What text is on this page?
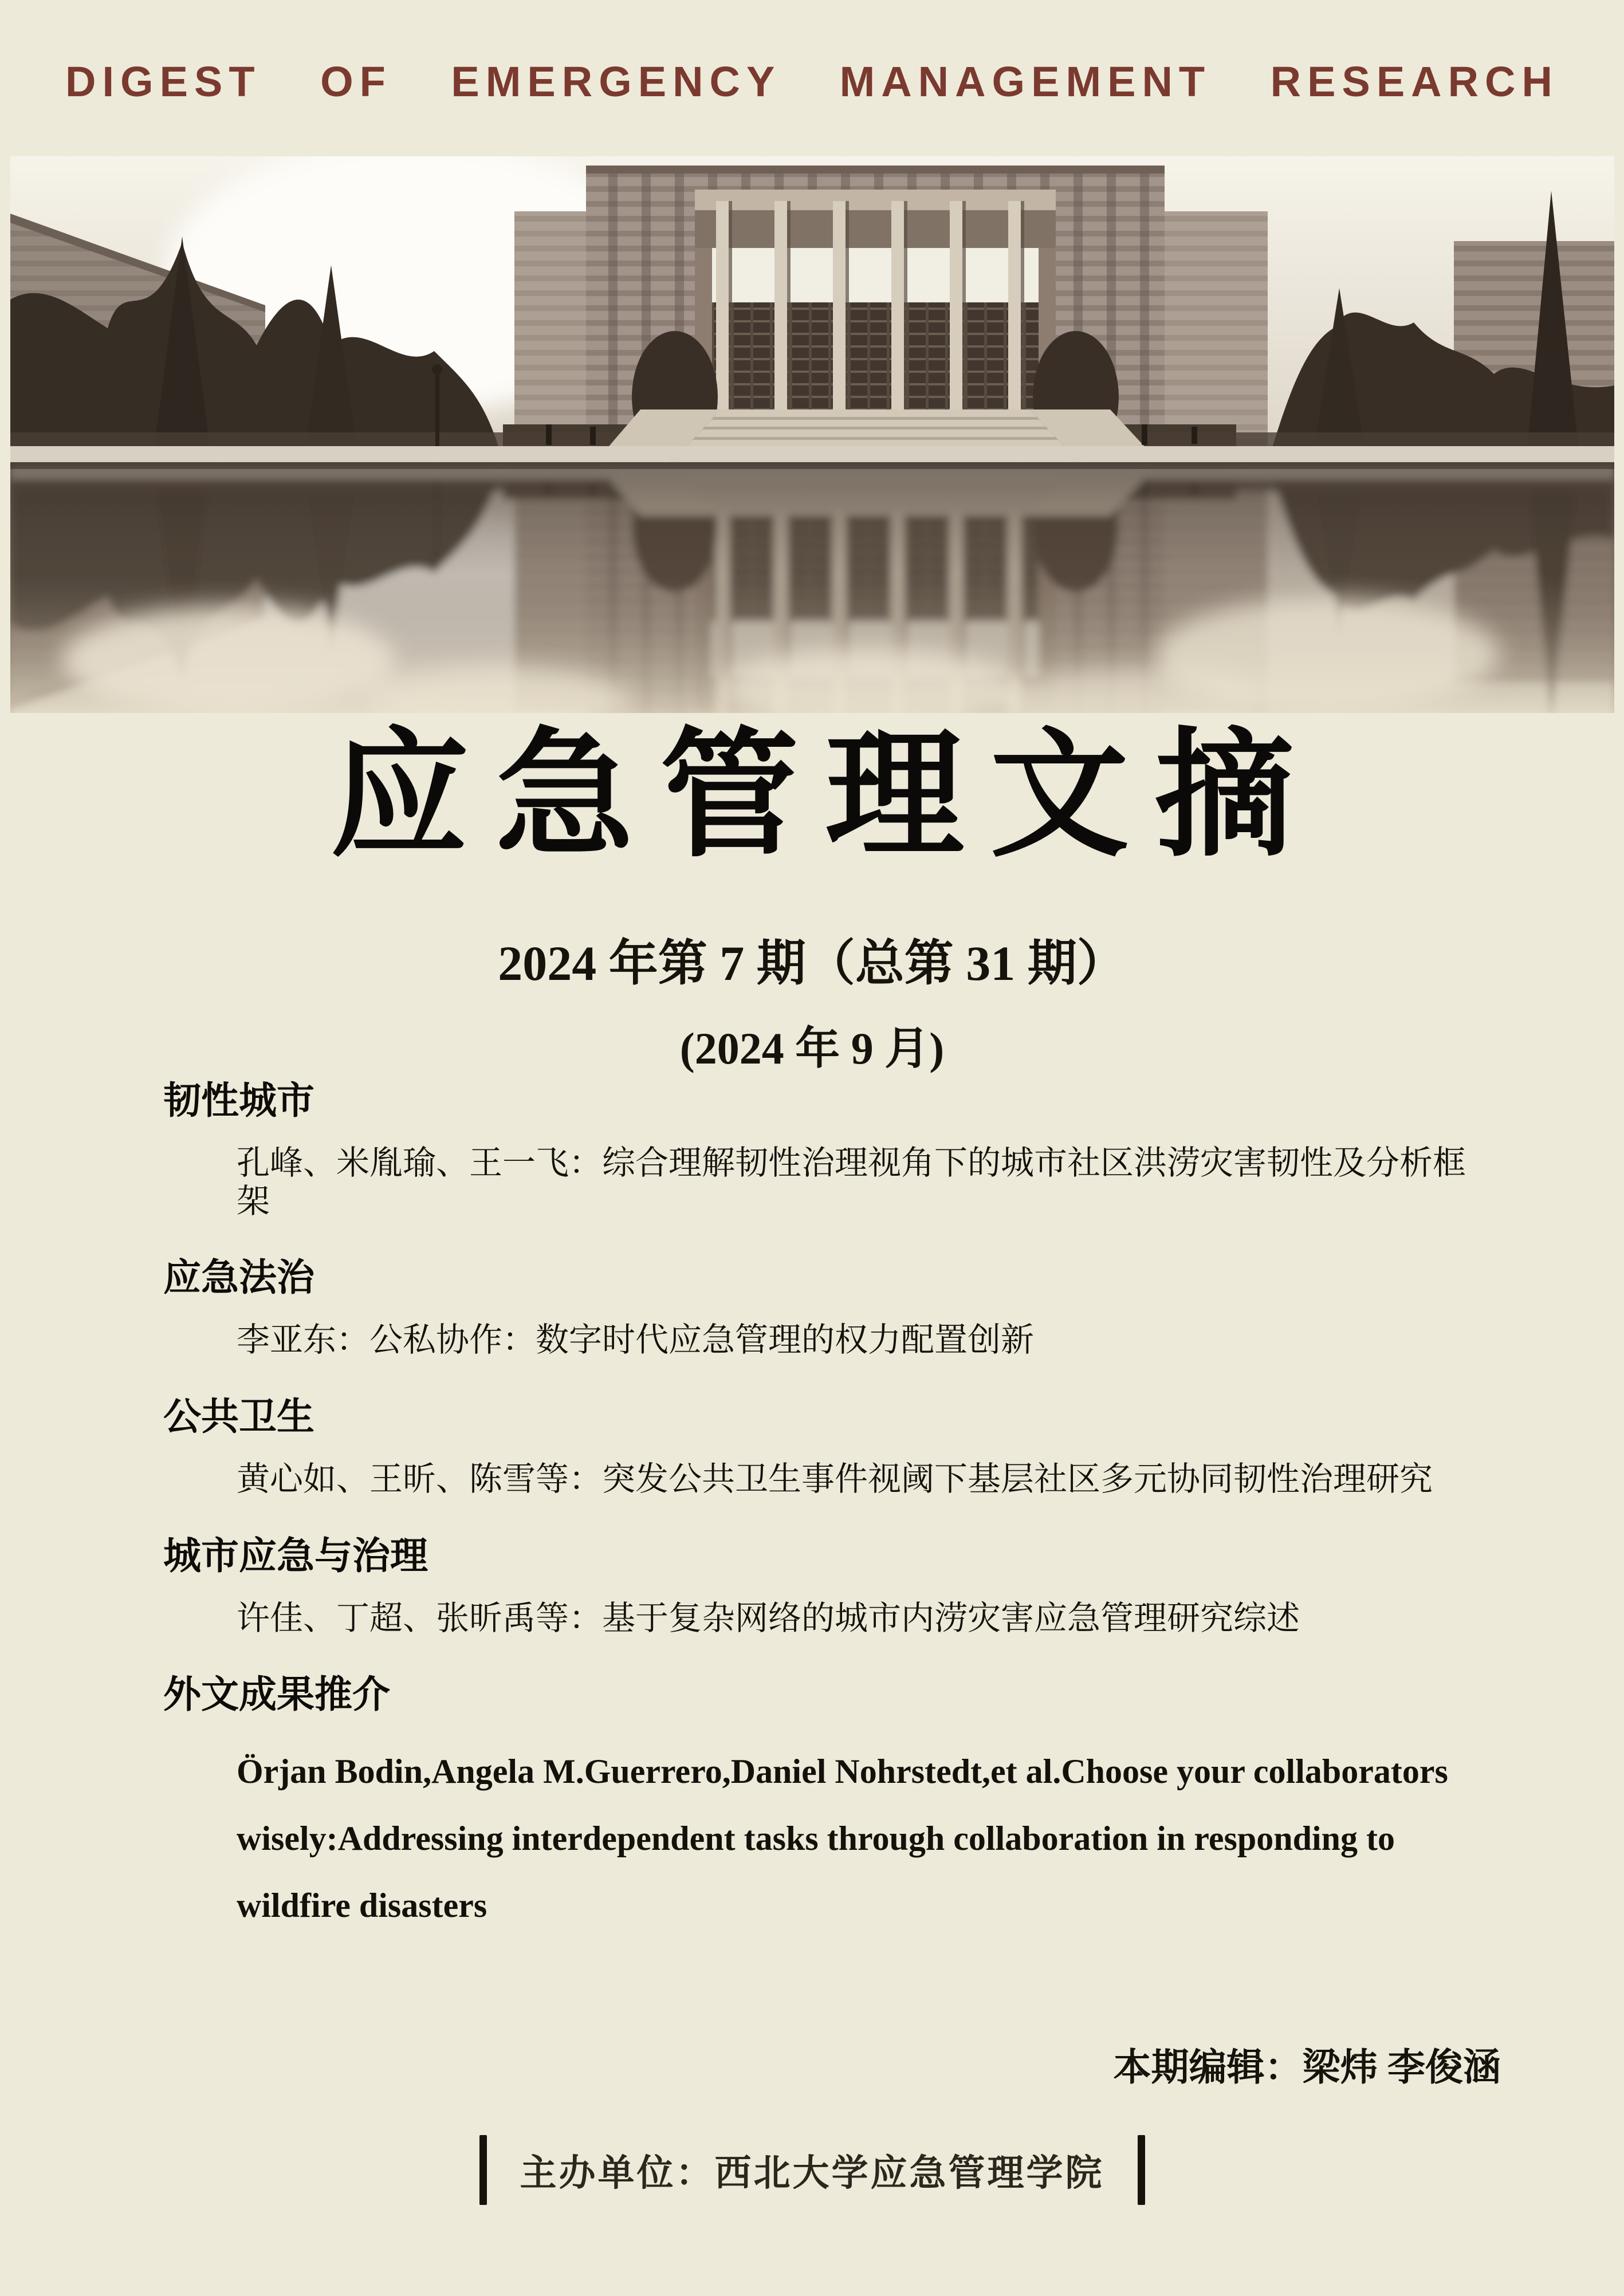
DIGEST OF EMERGENCY MANAGEMENT RESEARCH
应急管理文摘
2024 年第 7 期（总第 31 期）
(2024 年 9 月)
韧性城市
孔峰、米胤瑜、王一飞：综合理解韧性治理视角下的城市社区洪涝灾害韧性及分析框架
应急法治
李亚东：公私协作：数字时代应急管理的权力配置创新
公共卫生
黄心如、王昕、陈雪等：突发公共卫生事件视阈下基层社区多元协同韧性治理研究
城市应急与治理
许佳、丁超、张昕禹等：基于复杂网络的城市内涝灾害应急管理研究综述
外文成果推介
Örjan Bodin,Angela M.Guerrero,Daniel Nohrstedt,et al.Choose your collaborators wisely:Addressing interdependent tasks through collaboration in responding to wildfire disasters
本期编辑：梁炜 李俊涵
主办单位：西北大学应急管理学院
